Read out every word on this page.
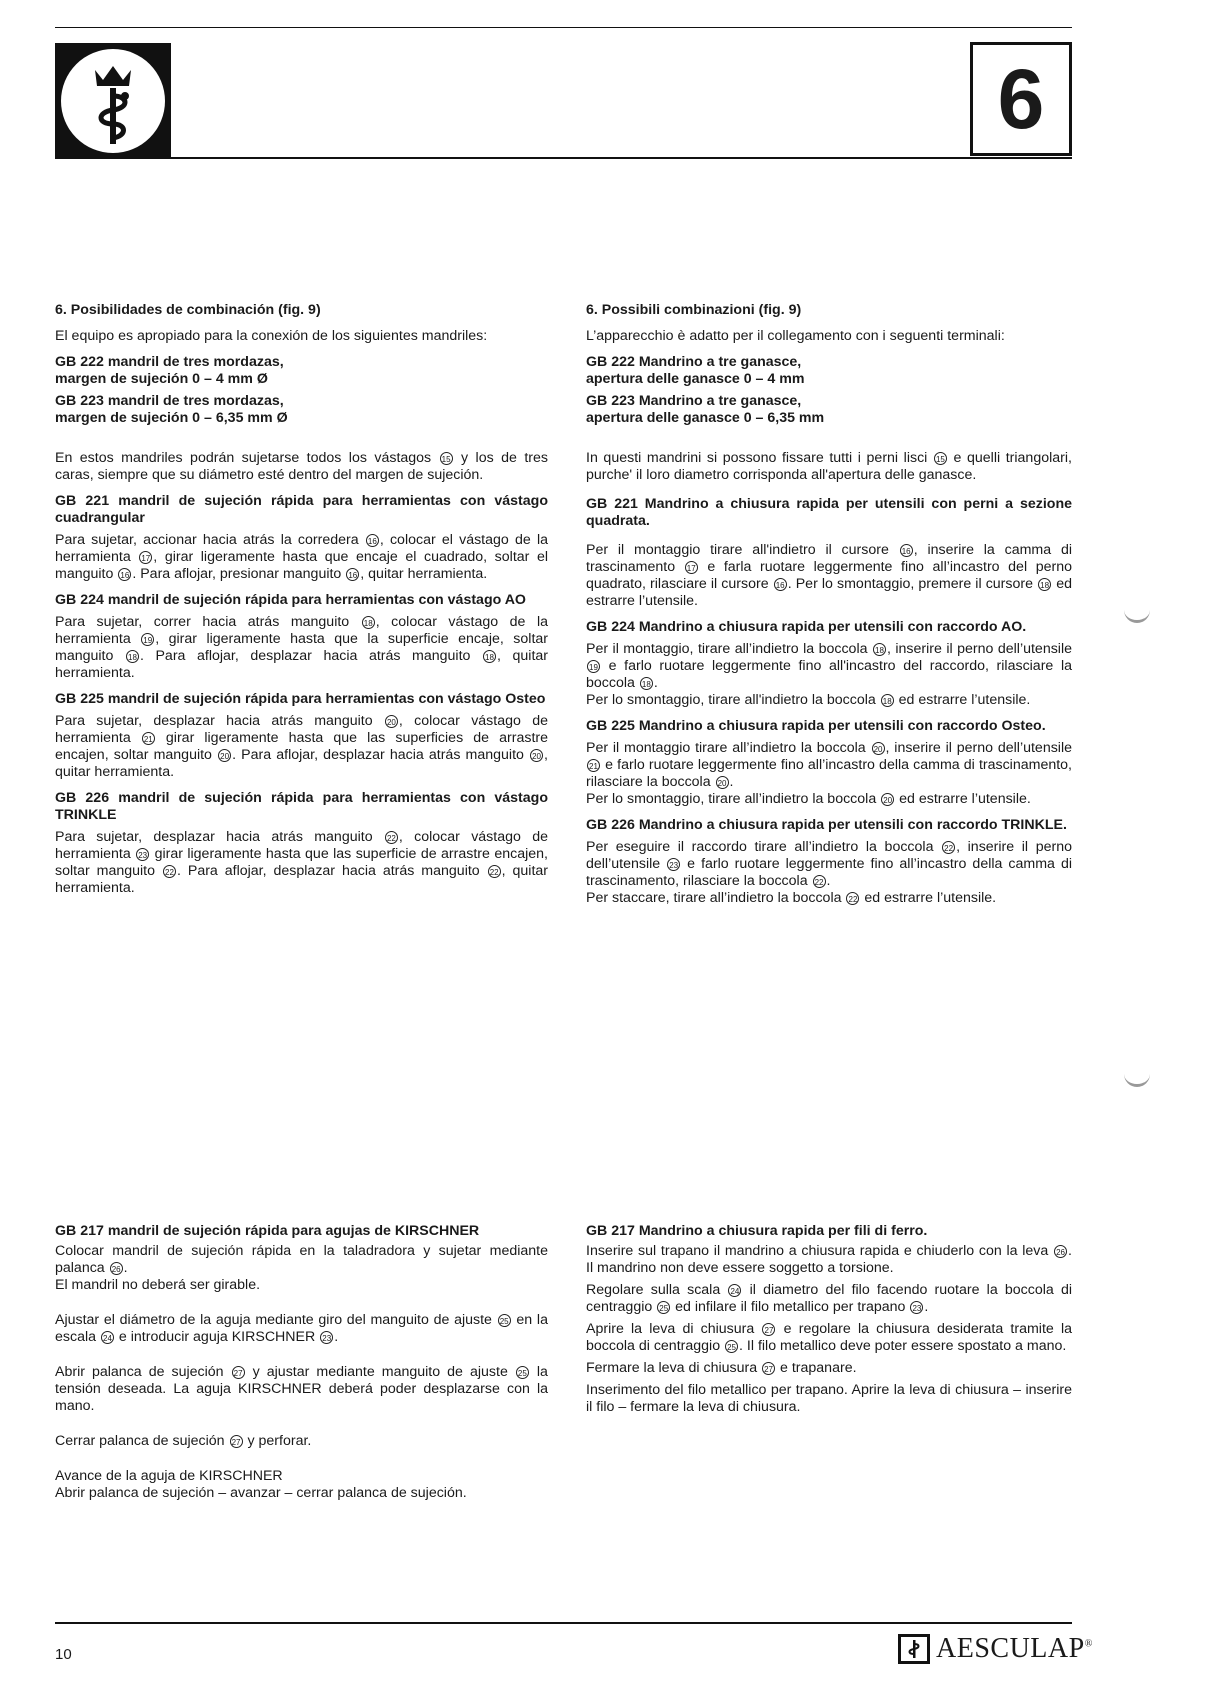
6

6. Posibilidades de combinación (fig. 9)

El equipo es apropiado para la conexión de los siguientes mandriles:

GB 222 mandril de tres mordazas,
margen de sujeción 0 – 4 mm Ø
GB 223 mandril de tres mordazas,
margen de sujeción 0 – 6,35 mm Ø

En estos mandriles podrán sujetarse todos los vástagos 15 y los de tres caras, siempre que su diámetro esté dentro del margen de sujeción.

GB 221 mandril de sujeción rápida para herramientas con vástago cuadrangular

Para sujetar, accionar hacia atrás la corredera 16 , colocar el vástago de la herramienta 17 , girar ligeramente hasta que encaje el cuadrado, soltar el manguito 16 . Para aflojar, presionar manguito 16 , quitar herramienta.

GB 224 mandril de sujeción rápida para herramientas con vástago AO

Para sujetar, correr hacia atrás manguito 18 , colocar vástago de la herramienta 19 , girar ligeramente hasta que la superficie encaje, soltar manguito 18 . Para aflojar, desplazar hacia atrás manguito 18 , quitar herramienta.

GB 225 mandril de sujeción rápida para herramientas con vástago Osteo

Para sujetar, desplazar hacia atrás manguito 20 , colocar vástago de herramienta 21 girar ligeramente hasta que las superficies de arrastre encajen, soltar manguito 20 . Para aflojar, desplazar hacia atrás manguito 20 , quitar herramienta.

GB 226 mandril de sujeción rápida para herramientas con vástago TRINKLE

Para sujetar, desplazar hacia atrás manguito 22 , colocar vástago de herramienta 23 girar ligeramente hasta que las superficie de arrastre encajen, soltar manguito 22 . Para aflojar, desplazar hacia atrás manguito 22 , quitar herramienta.

6. Possibili combinazioni (fig. 9)

L’apparecchio è adatto per il collegamento con i seguenti terminali:

GB 222 Mandrino a tre ganasce,
apertura delle ganasce 0 – 4 mm
GB 223 Mandrino a tre ganasce,
apertura delle ganasce 0 – 6,35 mm

In questi mandrini si possono fissare tutti i perni lisci 15 e quelli triangolari, purche' il loro diametro corrisponda all'apertura delle ganasce.

GB 221 Mandrino a chiusura rapida per utensili con perni a sezione quadrata.

Per il montaggio tirare all'indietro il cursore 16 , inserire la camma di trascinamento 17 e farla ruotare leggermente fino all’incastro del perno quadrato, rilasciare il cursore 16 . Per lo smontaggio, premere il cursore 18 ed estrarre l’utensile.

GB 224 Mandrino a chiusura rapida per utensili con raccordo AO.

Per il montaggio, tirare all’indietro la boccola 18 , inserire il perno dell’utensile 19 e farlo ruotare leggermente fino all'incastro del raccordo, rilasciare la boccola 18 .
Per lo smontaggio, tirare all'indietro la boccola 18 ed estrarre l’utensile.

GB 225 Mandrino a chiusura rapida per utensili con raccordo Osteo.

Per il montaggio tirare all’indietro la boccola 20 , inserire il perno dell’utensile 21 e farlo ruotare leggermente fino all’incastro della camma di trascinamento, rilasciare la boccola 20 .
Per lo smontaggio, tirare all’indietro la boccola 20 ed estrarre l’utensile.

GB 226 Mandrino a chiusura rapida per utensili con raccordo TRINKLE.

Per eseguire il raccordo tirare all’indietro la boccola 22 , inserire il perno dell’utensile 23 e farlo ruotare leggermente fino all’incastro della camma di trascinamento, rilasciare la boccola 22 .
Per staccare, tirare all’indietro la boccola 22 ed estrarre l’utensile.

GB 217 mandril de sujeción rápida para agujas de KIRSCHNER

Colocar mandril de sujeción rápida en la taladradora y sujetar mediante palanca 26 .
El mandril no deberá ser girable.

Ajustar el diámetro de la aguja mediante giro del manguito de ajuste 25 en la escala 24 e introducir aguja KIRSCHNER 23 .

Abrir palanca de sujeción 27 y ajustar mediante manguito de ajuste 25 la tensión deseada. La aguja KIRSCHNER deberá poder desplazarse con la mano.

Cerrar palanca de sujeción 27 y perforar.

Avance de la aguja de KIRSCHNER
Abrir palanca de sujeción – avanzar – cerrar palanca de sujeción.

GB 217 Mandrino a chiusura rapida per fili di ferro.

Inserire sul trapano il mandrino a chiusura rapida e chiuderlo con la leva 26 . Il mandrino non deve essere soggetto a torsione.

Regolare sulla scala 24 il diametro del filo facendo ruotare la boccola di centraggio 25 ed infilare il filo metallico per trapano 23 .

Aprire la leva di chiusura 27 e regolare la chiusura desiderata tramite la boccola di centraggio 25 . Il filo metallico deve poter essere spostato a mano.

Fermare la leva di chiusura 27 e trapanare.

Inserimento del filo metallico per trapano. Aprire la leva di chiusura – inserire il filo – fermare la leva di chiusura.

10	AESCULAP®
